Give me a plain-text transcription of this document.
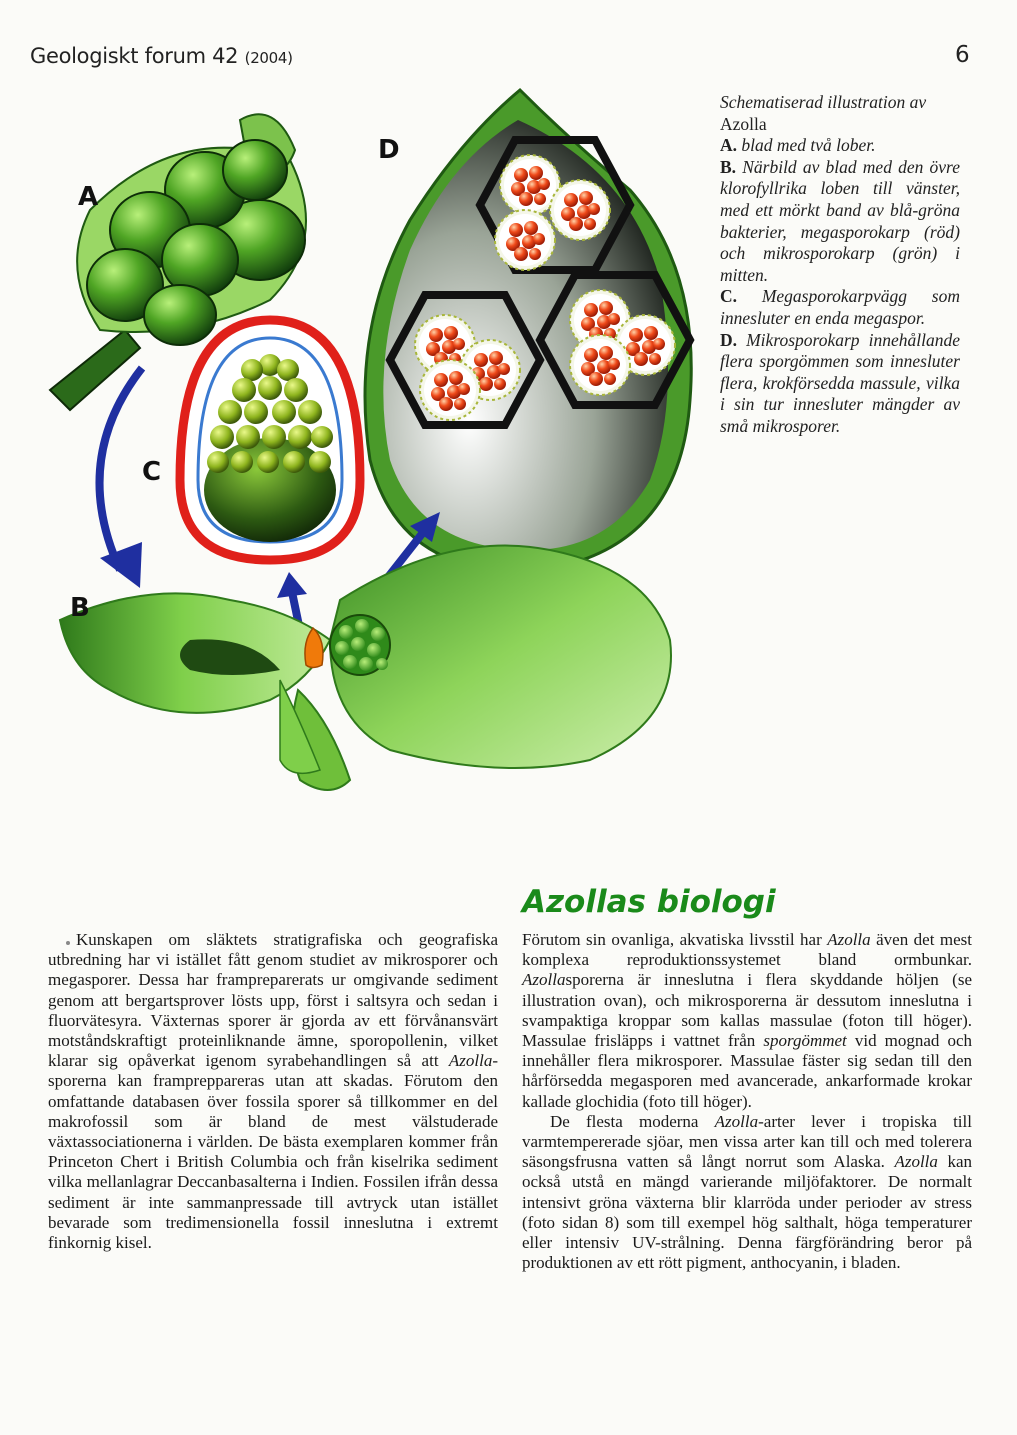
Geologiskt forum 42 (2004)	6
A
C
D
B

Schematiserad illustration av

Azolla

A. blad med två lober.

B. Närbild av blad med den övre klorofyllrika loben till vänster, med ett mörkt band av blå-gröna bakterier, megasporokarp (röd) och mikrosporokarp (grön) i mitten.

C. Megasporokarpvägg som innesluter en enda megaspor.

D. Mikrosporokarp innehållande flera sporgömmen som innesluter flera, krokförsedda massule, vilka i sin tur innesluter mängder av små mikrosporer.

Azollas biologi

Kunskapen om släktets stratigrafiska och geografiska utbredning har vi istället fått genom studiet av mikrosporer och megasporer. Dessa har frampreparerats ur omgivande sediment genom att bergartsprover lösts upp, först i saltsyra och sedan i fluorvätesyra. Växternas sporer är gjorda av ett förvånansvärt motståndskraftigt proteinliknande ämne, sporopollenin, vilket klarar sig opåverkat igenom syrabehandlingen så att Azolla-sporerna kan frampreppareras utan att skadas. Förutom den omfattande databasen över fossila sporer så tillkommer en del makrofossil som är bland de mest välstuderade växtassociationerna i världen. De bästa exemplaren kommer från Princeton Chert i British Columbia och från kiselrika sediment vilka mellanlagrar Deccanbasalterna i Indien. Fossilen ifrån dessa sediment är inte sammanpressade till avtryck utan istället bevarade som tredimensionella fossil inneslutna i extremt finkornig kisel.

Förutom sin ovanliga, akvatiska livsstil har Azolla även det mest komplexa reproduktionssystemet bland ormbunkar. Azollasporerna är inneslutna i flera skyddande höljen (se illustration ovan), och mikrosporerna är dessutom inneslutna i svampaktiga kroppar som kallas massulae (foton till höger). Massulae frisläpps i vattnet från sporgömmet vid mognad och innehåller flera mikrosporer. Massulae fäster sig sedan till den hårförsedda megasporen med avancerade, ankarformade krokar kallade glochidia (foto till höger).

De flesta moderna Azolla-arter lever i tropiska till varmtempererade sjöar, men vissa arter kan till och med tolerera säsongsfrusna vatten så långt norrut som Alaska. Azolla kan också utstå en mängd varierande miljöfaktorer. De normalt intensivt gröna växterna blir klarröda under perioder av stress (foto sidan 8) som till exempel hög salthalt, höga temperaturer eller intensiv UV-strålning. Denna färgförändring beror på produktionen av ett rött pigment, anthocyanin, i bladen.
